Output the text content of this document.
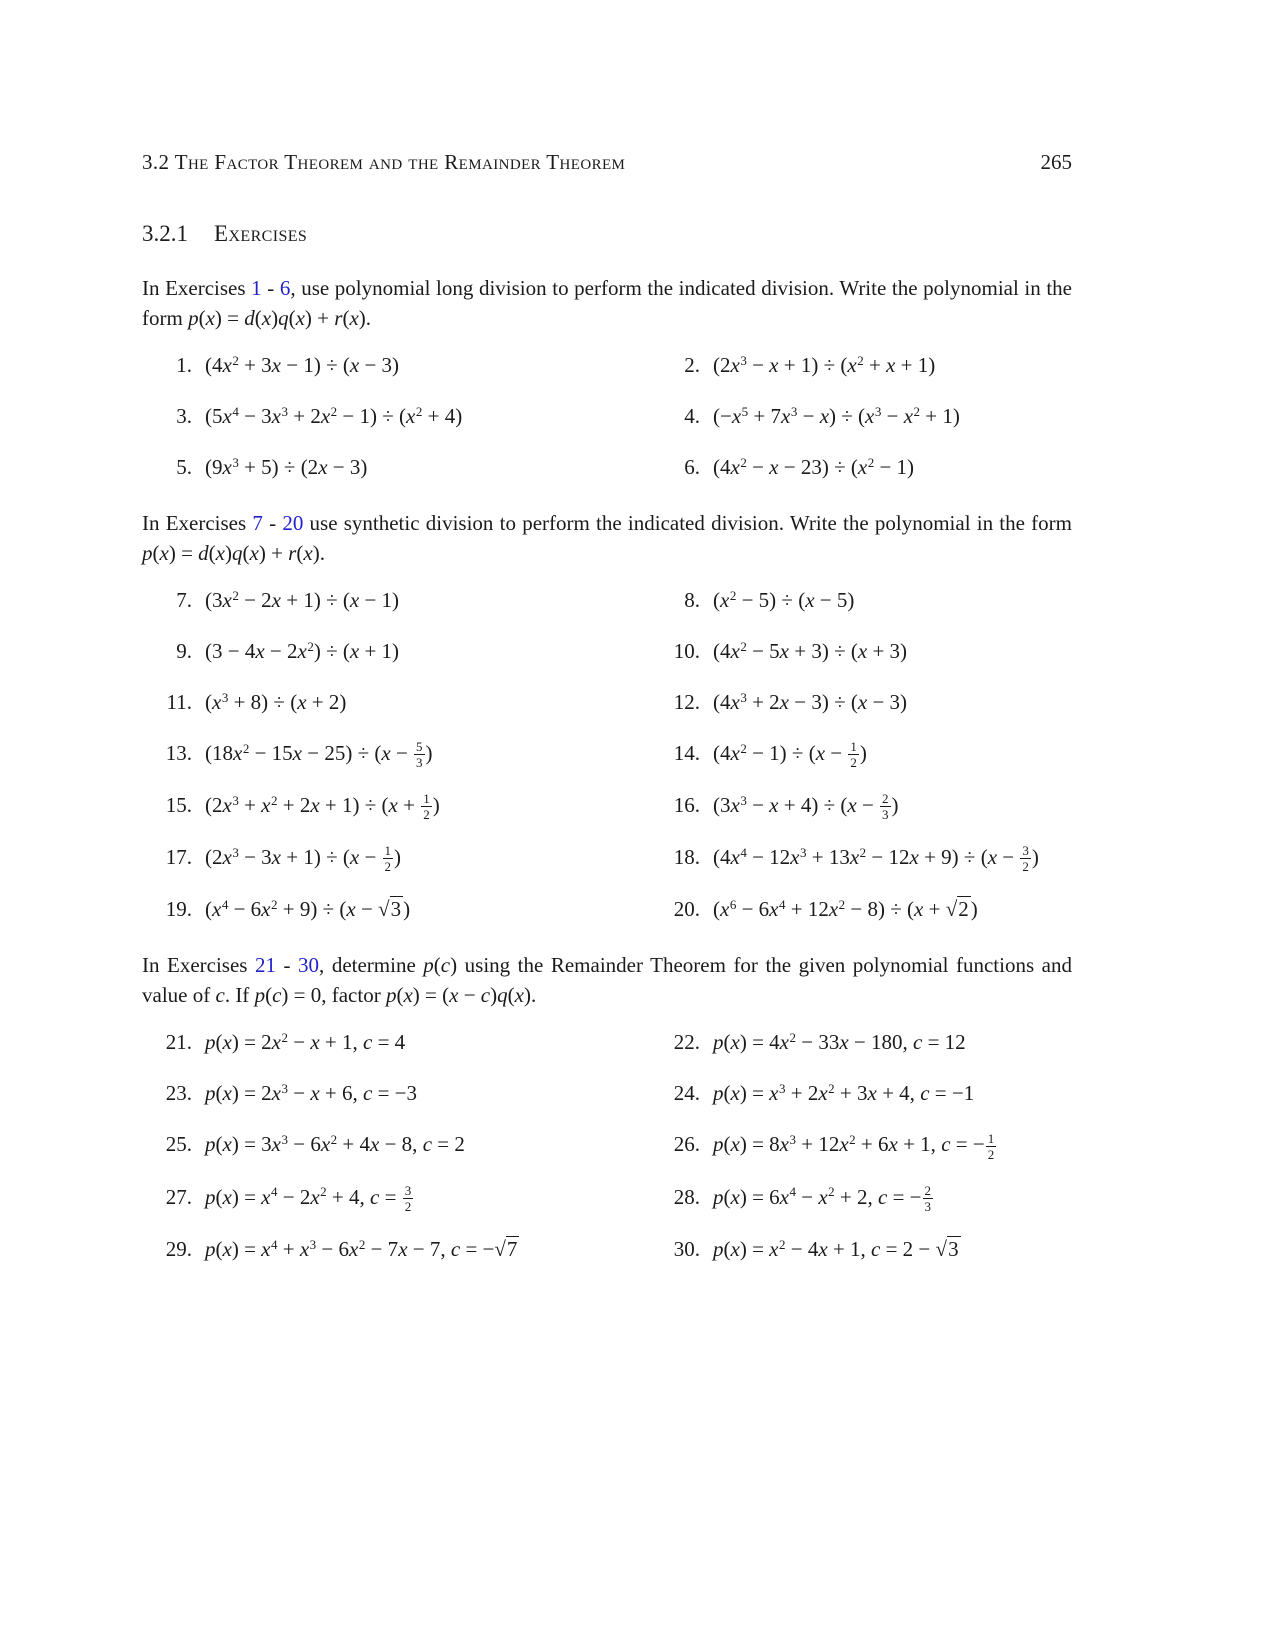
3.2 The Factor Theorem and the Remainder Theorem	265
3.2.1 Exercises

In Exercises 1 - 6, use polynomial long division to perform the indicated division. Write the polynomial in the form p(x) = d(x)q(x) + r(x).

1. $(4x^2 + 3x - 1) \div (x - 3)$	2. $(2x^3 - x + 1) \div (x^2 + x + 1)$
3. $(5x^4 - 3x^3 + 2x^2 - 1) \div (x^2 + 4)$	4. $(-x^5 + 7x^3 - x) \div (x^3 - x^2 + 1)$
5. $(9x^3 + 5) \div (2x - 3)$	6. $(4x^2 - x - 23) \div (x^2 - 1)$

In Exercises 7 - 20 use synthetic division to perform the indicated division. Write the polynomial in the form p(x) = d(x)q(x) + r(x).

7. $(3x^2 - 2x + 1) \div (x - 1)$	8. $(x^2 - 5) \div (x - 5)$
9. $(3 - 4x - 2x^2) \div (x + 1)$	10. $(4x^2 - 5x + 3) \div (x + 3)$
11. $(x^3 + 8) \div (x + 2)$	12. $(4x^3 + 2x - 3) \div (x - 3)$
13. $(18x^2 - 15x - 25) \div (x - \frac{5}{3}$ )	14. $(4x^2 - 1) \div (x - \frac{1}{2}$ )
15. $(2x^3 + x^2 + 2x + 1) \div (x + \frac{1}{2}$ )	16. $(3x^3 - x + 4) \div (x - \frac{2}{3}$ )
17. $(2x^3 - 3x + 1) \div (x - \frac{1}{2}$ )	18. $(4x^4 - 12x^3 + 13x^2 - 12x + 9) \div (x - \frac{3}{2}$ )
19. $(x^4 - 6x^2 + 9) \div (x - √3)$	20. $(x^6 - 6x^4 + 12x^2 - 8) \div (x + √2)$

In Exercises 21 - 30, determine p(c) using the Remainder Theorem for the given polynomial functions and value of c. If p(c) = 0, factor p(x) = (x − c)q(x).

21. $p(x) = 2x^2 - x + 1$, c = 4	22. $p(x) = 4x^2 - 33x - 180$, c = 12
23. $p(x) = 2x^3 - x + 6$, c = −3	24. $p(x) = x^3 + 2x^2 + 3x + 4$, c = −1
25. $p(x) = 3x^3 - 6x^2 + 4x - 8$, c = 2	26. $p(x) = 8x^3 + 12x^2 + 6x + 1$, c = − $\frac{1}{2}$
27. $p(x) = x^4 - 2x^2 + 4$, $c = \frac{3}{2}$	28. $p(x) = 6x^4 - x^2 + 2$, c = − $\frac{2}{3}$
29. $p(x) = x^4 + x^3 - 6x^2 - 7x - 7$, c = −√7	30. $p(x) = x^2 - 4x + 1$, c = 2 − √3
